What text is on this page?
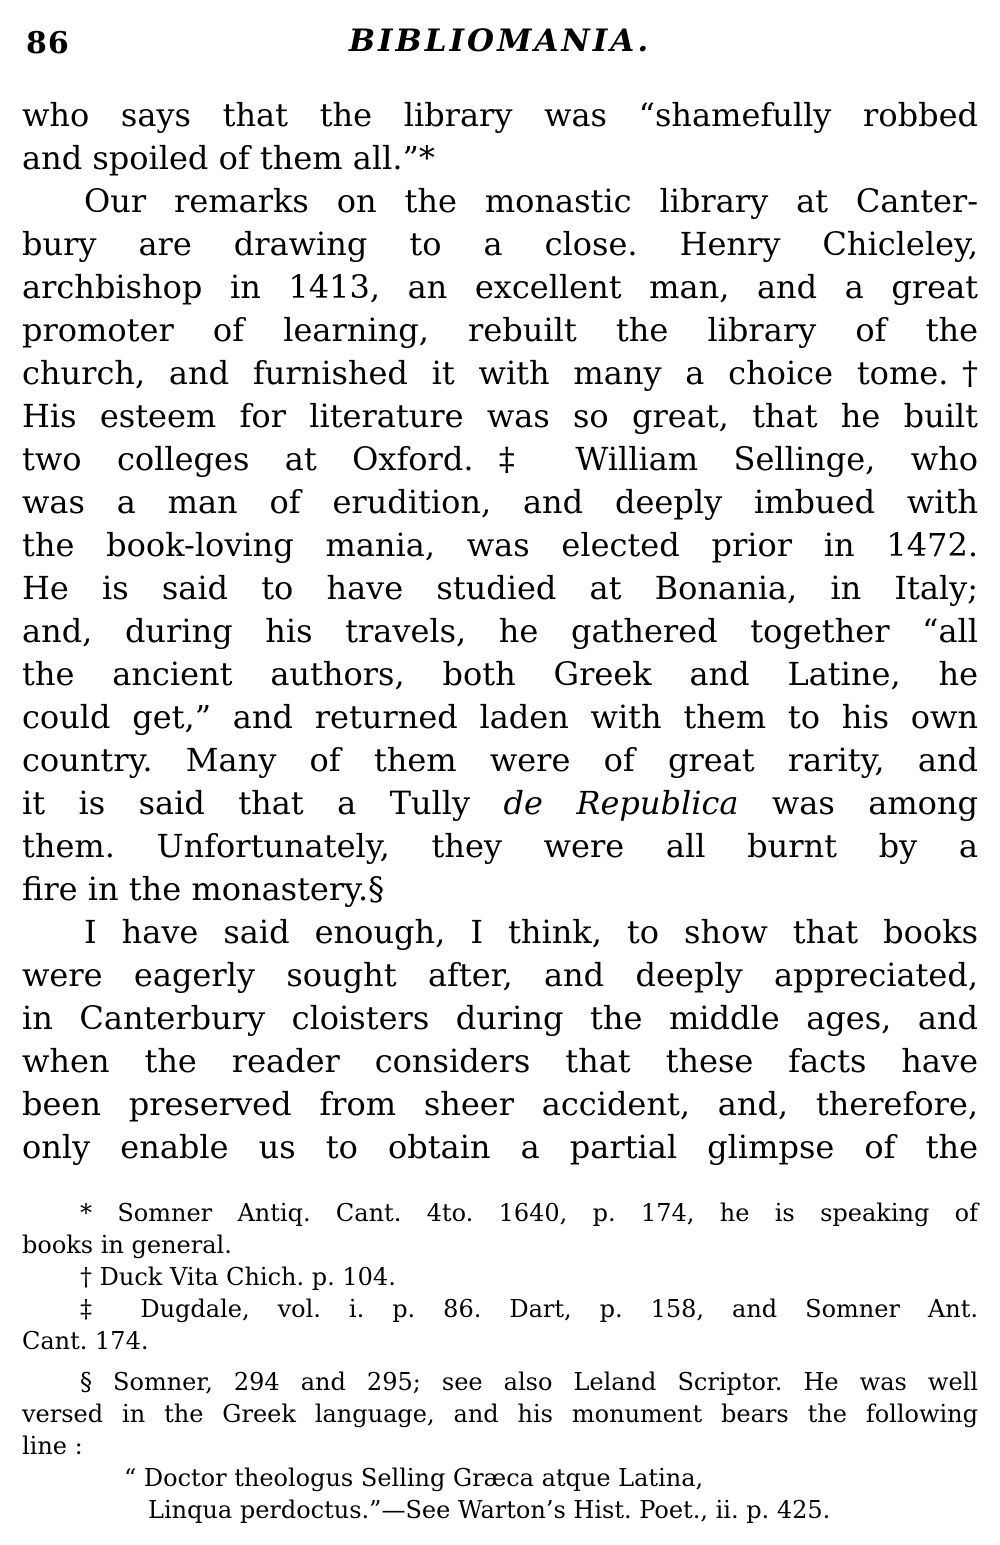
86	BIBLIOMANIA.
who says that the library was “shamefully robbed
and spoiled of them all.”*
Our remarks on the monastic library at Canter-
bury are drawing to a close. Henry Chicleley,
archbishop in 1413, an excellent man, and a great
promoter of learning, rebuilt the library of the
church, and furnished it with many a choice tome.†
His esteem for literature was so great, that he built
two colleges at Oxford.‡ William Sellinge, who
was a man of erudition, and deeply imbued with
the book-loving mania, was elected prior in 1472.
He is said to have studied at Bonania, in Italy;
and, during his travels, he gathered together “all
the ancient authors, both Greek and Latine, he
could get,” and returned laden with them to his own
country. Many of them were of great rarity, and
it is said that a Tully de Republica was among
them. Unfortunately, they were all burnt by a
fire in the monastery.§
I have said enough, I think, to show that books
were eagerly sought after, and deeply appreciated,
in Canterbury cloisters during the middle ages, and
when the reader considers that these facts have
been preserved from sheer accident, and, therefore,
only enable us to obtain a partial glimpse of the
* Somner Antiq. Cant. 4to. 1640, p. 174, he is speaking of
books in general.
† Duck Vita Chich. p. 104.
‡ Dugdale, vol. i. p. 86. Dart, p. 158, and Somner Ant.
Cant. 174.
§ Somner, 294 and 295; see also Leland Scriptor. He was well
versed in the Greek language, and his monument bears the following
line :
“ Doctor theologus Selling Græca atque Latina,
Linqua perdoctus.”—See Warton’s Hist. Poet., ii. p. 425.
